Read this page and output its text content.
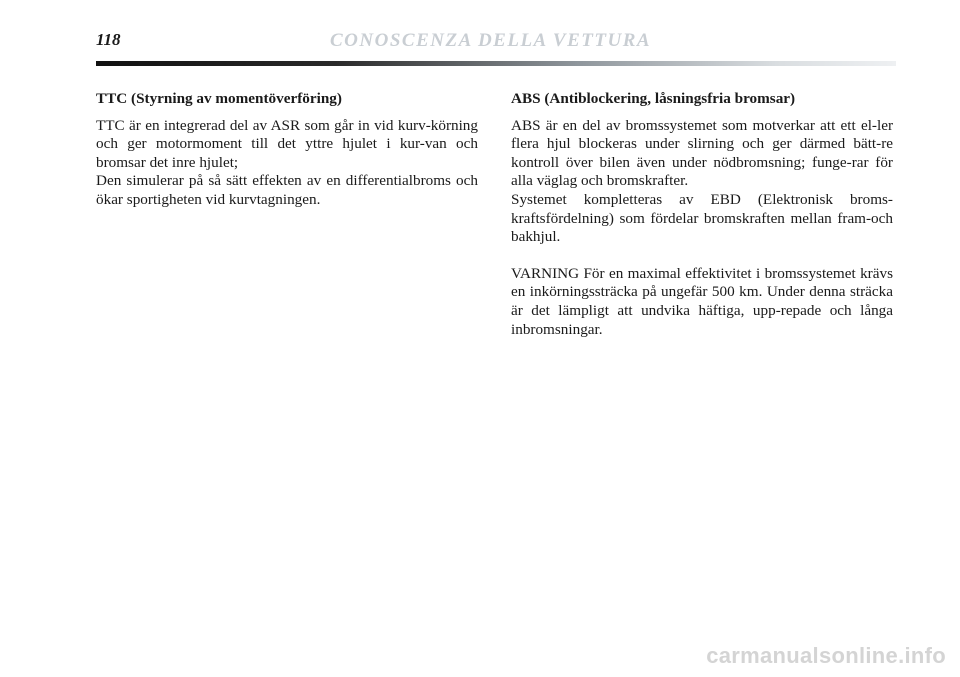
118	CONOSCENZA DELLA VETTURA

TTC (Styrning av momentöverföring)

TTC är en integrerad del av ASR som går in vid kurv-körning och ger motormoment till det yttre hjulet i kur-van och bromsar det inre hjulet;

Den simulerar på så sätt effekten av en differentialbroms och ökar sportigheten vid kurvtagningen.

ABS (Antiblockering, låsningsfria bromsar)

ABS är en del av bromssystemet som motverkar att ett el-ler flera hjul blockeras under slirning och ger därmed bätt-re kontroll över bilen även under nödbromsning; funge-rar för alla väglag och bromskrafter.

Systemet kompletteras av EBD (Elektronisk broms-kraftsfördelning) som fördelar bromskraften mellan fram-och bakhjul.

VARNING För en maximal effektivitet i bromssystemet krävs en inkörningssträcka på ungefär 500 km. Under denna sträcka är det lämpligt att undvika häftiga, upp-repade och långa inbromsningar.

carmanualsonline.info
